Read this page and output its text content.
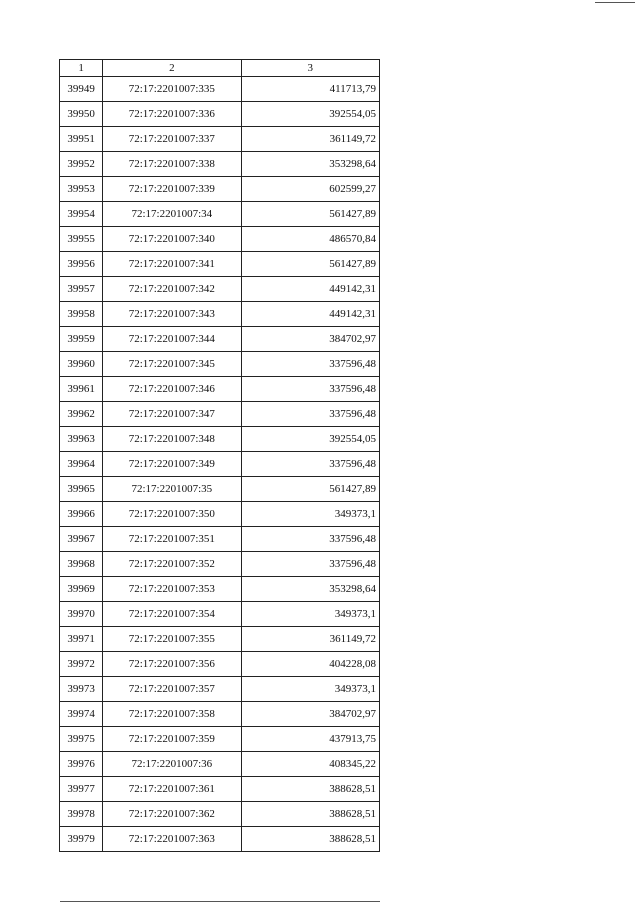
1	2	3
39949	72:17:2201007:335	411713,79
39950	72:17:2201007:336	392554,05
39951	72:17:2201007:337	361149,72
39952	72:17:2201007:338	353298,64
39953	72:17:2201007:339	602599,27
39954	72:17:2201007:34	561427,89
39955	72:17:2201007:340	486570,84
39956	72:17:2201007:341	561427,89
39957	72:17:2201007:342	449142,31
39958	72:17:2201007:343	449142,31
39959	72:17:2201007:344	384702,97
39960	72:17:2201007:345	337596,48
39961	72:17:2201007:346	337596,48
39962	72:17:2201007:347	337596,48
39963	72:17:2201007:348	392554,05
39964	72:17:2201007:349	337596,48
39965	72:17:2201007:35	561427,89
39966	72:17:2201007:350	349373,1
39967	72:17:2201007:351	337596,48
39968	72:17:2201007:352	337596,48
39969	72:17:2201007:353	353298,64
39970	72:17:2201007:354	349373,1
39971	72:17:2201007:355	361149,72
39972	72:17:2201007:356	404228,08
39973	72:17:2201007:357	349373,1
39974	72:17:2201007:358	384702,97
39975	72:17:2201007:359	437913,75
39976	72:17:2201007:36	408345,22
39977	72:17:2201007:361	388628,51
39978	72:17:2201007:362	388628,51
39979	72:17:2201007:363	388628,51
